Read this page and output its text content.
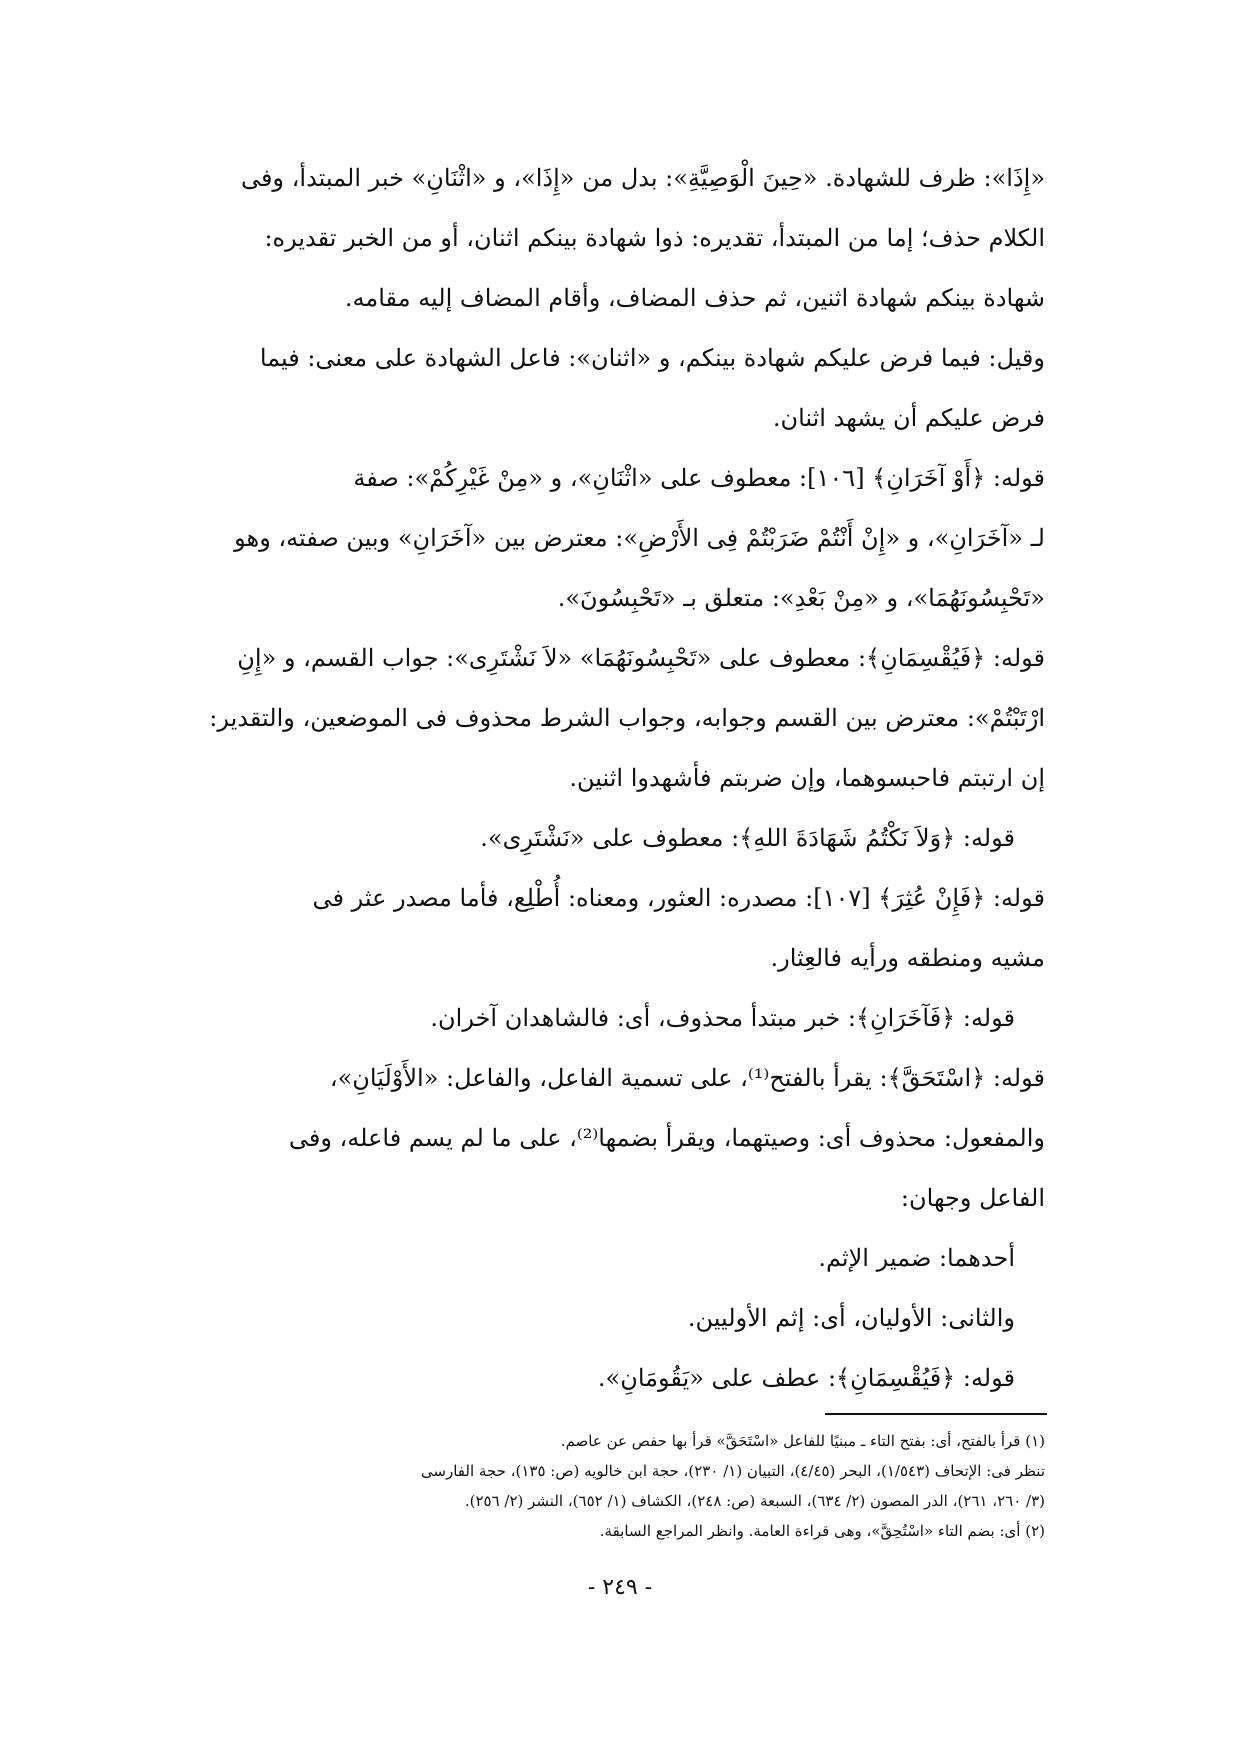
«إِذَا»: ظرف للشهادة. «حِينَ الْوَصِيَّةِ»: بدل من «إِذَا»، و «اثْنَانِ» خبر المبتدأ، وفى
الكلام حذف؛ إما من المبتدأ، تقديره: ذوا شهادة بينكم اثنان، أو من الخبر تقديره:
شهادة بينكم شهادة اثنين، ثم حذف المضاف، وأقام المضاف إليه مقامه.
وقيل: فيما فرض عليكم شهادة بينكم، و «اثنان»: فاعل الشهادة على معنى: فيما
فرض عليكم أن يشهد اثنان.
قوله: ﴿أَوْ آخَرَانِ﴾ [١٠٦]: معطوف على «اثْنَانِ»، و «مِنْ غَيْرِكُمْ»: صفة
لـ «آخَرَانِ»، و «إِنْ أَنْتُمْ ضَرَبْتُمْ فِى الأَرْضِ»: معترض بين «آخَرَانِ» وبين صفته، وهو
«تَحْبِسُونَهُمَا»، و «مِنْ بَعْدِ»: متعلق بـ «تَحْبِسُونَ».
قوله: ﴿فَيُقْسِمَانِ﴾: معطوف على «تَحْبِسُونَهُمَا» «لاَ نَشْتَرِى»: جواب القسم، و «إِنِ
ارْتَبْتُمْ»: معترض بين القسم وجوابه، وجواب الشرط محذوف فى الموضعين، والتقدير:
إن ارتبتم فاحبسوهما، وإن ضربتم فأشهدوا اثنين.
قوله: ﴿وَلاَ نَكْتُمُ شَهَادَةَ اللهِ﴾: معطوف على «نَشْتَرِى».
قوله: ﴿فَإِنْ عُثِرَ﴾ [١٠٧]: مصدره: العثور، ومعناه: أُطْلِع، فأما مصدر عثر فى
مشيه ومنطقه ورأيه فالعِثار.
قوله: ﴿فَآخَرَانِ﴾: خبر مبتدأ محذوف، أى: فالشاهدان آخران.
قوله: ﴿اسْتَحَقَّ﴾: يقرأ بالفتح⁽¹⁾، على تسمية الفاعل، والفاعل: «الأَوْلَيَانِ»،
والمفعول: محذوف أى: وصيتهما، ويقرأ بضمها⁽²⁾، على ما لم يسم فاعله، وفى
الفاعل وجهان:
أحدهما: ضمير الإثم.
والثانى: الأوليان، أى: إثم الأوليين.
قوله: ﴿فَيُقْسِمَانِ﴾: عطف على «يَقُومَانِ».
(١) قرأ بالفتح، أى: بفتح التاء ـ مبنيًا للفاعل «اسْتَحَقَّ» قرأ بها حفص عن عاصم.
تنظر فى: الإتحاف (١/٥٤٣)، البحر (٤/٤٥)، التبيان (١/ ٢٣٠)، حجة ابن خالويه (ص: ١٣٥)، حجة الفارسى
(٣/ ٢٦٠، ٢٦١)، الدر المصون (٢/ ٦٣٤)، السبعة (ص: ٢٤٨)، الكشاف (١/ ٦٥٢)، النشر (٢/ ٢٥٦).
(٢) أى: بضم التاء «اسْتُحِقَّ»، وهى قراءة العامة. وانظر المراجع السابقة.
- ٢٤٩ -
